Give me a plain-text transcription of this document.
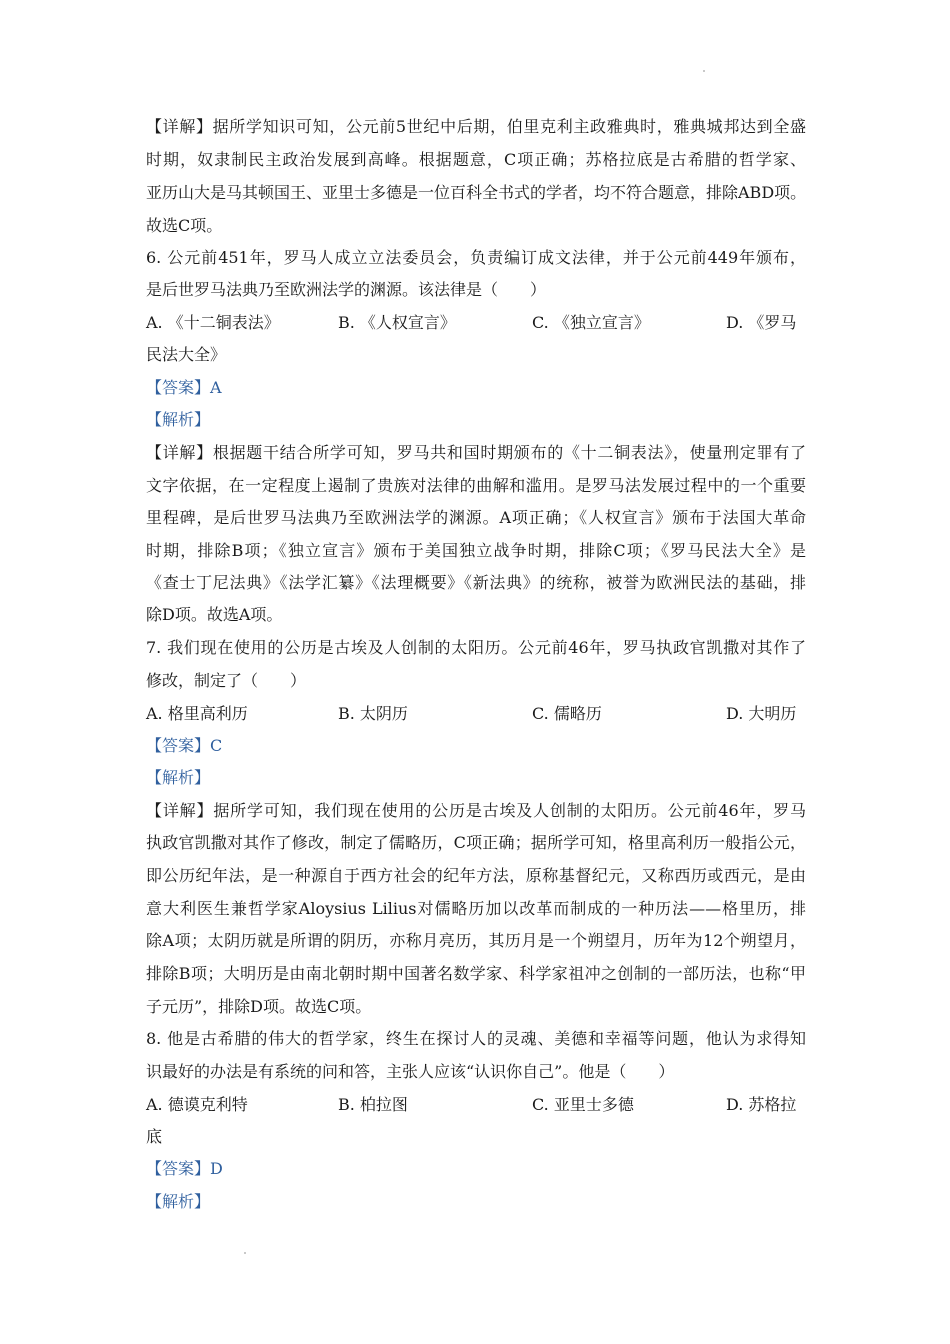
【详解】据所学知识可知，公元前5世纪中后期，伯里克利主政雅典时，雅典城邦达到全盛
时期，奴隶制民主政治发展到高峰。根据题意，C项正确；苏格拉底是古希腊的哲学家、
亚历山大是马其顿国王、亚里士多德是一位百科全书式的学者，均不符合题意，排除ABD项。
故选C项。
6. 公元前451年，罗马人成立立法委员会，负责编订成文法律，并于公元前449年颁布，
是后世罗马法典乃至欧洲法学的渊源。该法律是（　　）
A. 《十二铜表法》	B. 《人权宣言》	C. 《独立宣言》	D. 《罗马
民法大全》
【答案】A
【解析】
【详解】根据题干结合所学可知，罗马共和国时期颁布的《十二铜表法》，使量刑定罪有了
文字依据，在一定程度上遏制了贵族对法律的曲解和滥用。是罗马法发展过程中的一个重要
里程碑，是后世罗马法典乃至欧洲法学的渊源。A项正确；《人权宣言》颁布于法国大革命
时期，排除B项；《独立宣言》颁布于美国独立战争时期，排除C项；《罗马民法大全》是
《查士丁尼法典》《法学汇纂》《法理概要》《新法典》的统称，被誉为欧洲民法的基础，排
除D项。故选A项。
7. 我们现在使用的公历是古埃及人创制的太阳历。公元前46年，罗马执政官凯撒对其作了
修改，制定了（　　）
A. 格里高利历	B. 太阴历	C. 儒略历	D. 大明历
【答案】C
【解析】
【详解】据所学可知，我们现在使用的公历是古埃及人创制的太阳历。公元前46年，罗马
执政官凯撒对其作了修改，制定了儒略历，C项正确；据所学可知，格里高利历一般指公元，
即公历纪年法，是一种源自于西方社会的纪年方法，原称基督纪元，又称西历或西元，是由
意大利医生兼哲学家Aloysius Lilius对儒略历加以改革而制成的一种历法——格里历，排
除A项；太阴历就是所谓的阴历，亦称月亮历，其历月是一个朔望月，历年为12个朔望月，
排除B项；大明历是由南北朝时期中国著名数学家、科学家祖冲之创制的一部历法，也称“甲
子元历”，排除D项。故选C项。
8. 他是古希腊的伟大的哲学家，终生在探讨人的灵魂、美德和幸福等问题，他认为求得知
识最好的办法是有系统的问和答，主张人应该“认识你自己”。他是（　　）
A. 德谟克利特	B. 柏拉图	C. 亚里士多德	D. 苏格拉
底
【答案】D
【解析】
